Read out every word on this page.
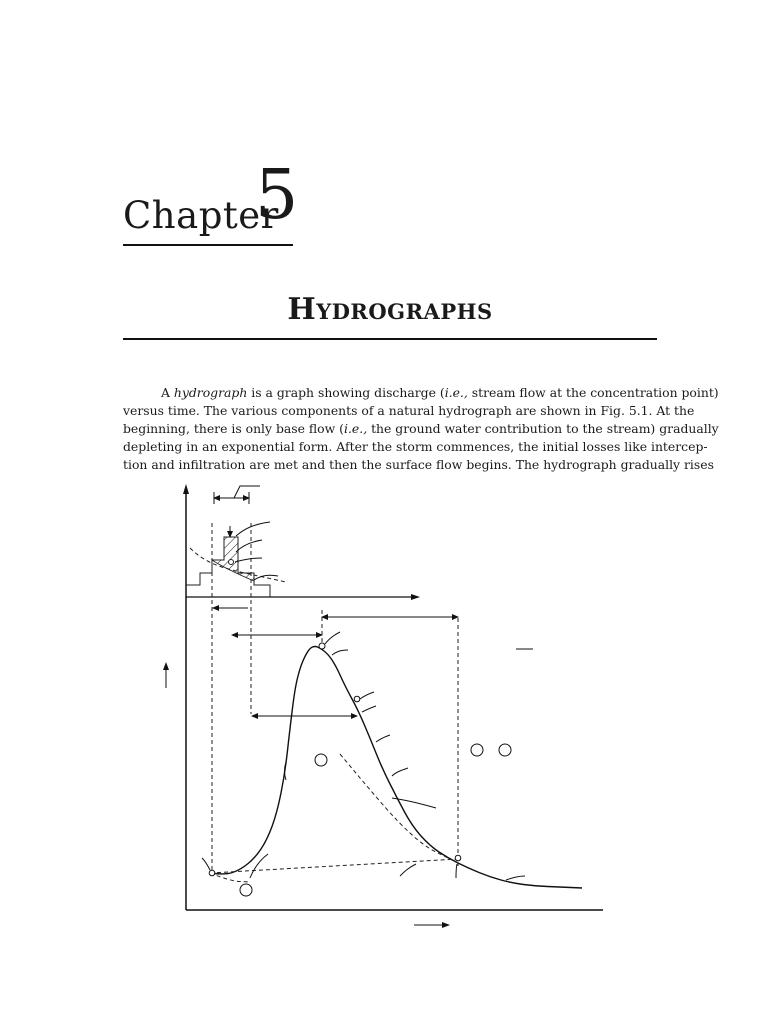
Chapter
5
Hydrographs
A hydrograph is a graph showing discharge (i.e., stream flow at the concentration point)
versus time. The various components of a natural hydrograph are shown in Fig. 5.1. At the
beginning, there is only base flow (i.e., the ground water contribution to the stream) gradually
depleting in an exponential form. After the storm commences, the initial losses like intercep-
tion and infiltration are met and then the surface flow begins. The hydrograph gradually rises
